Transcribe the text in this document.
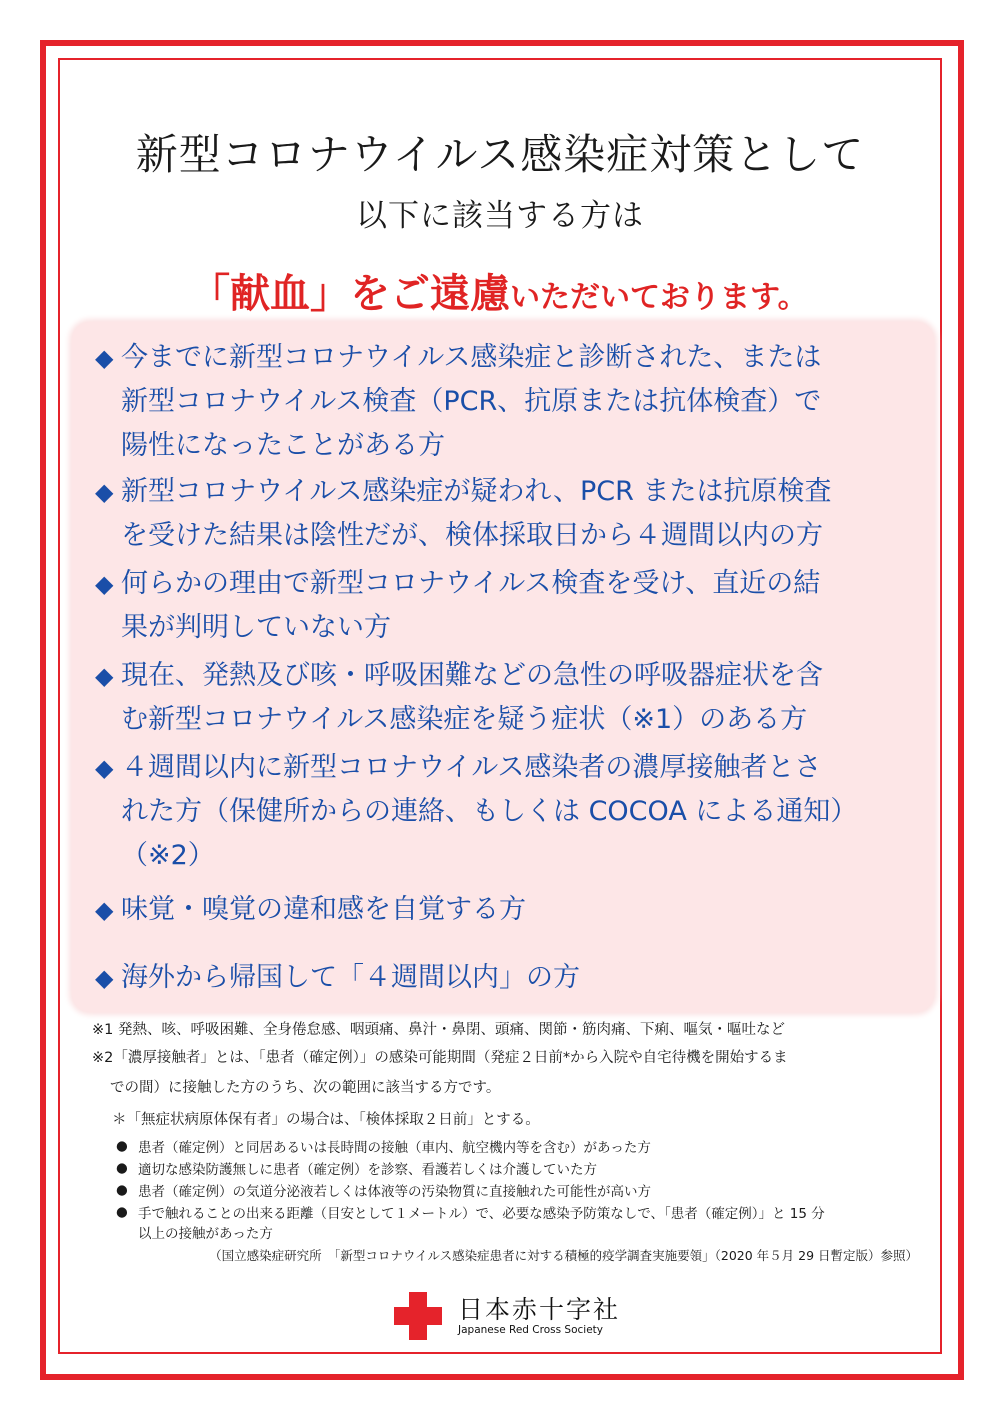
新型コロナウイルス感染症対策として
以下に該当する方は
「献血」をご遠慮いただいております。
◆ 今までに新型コロナウイルス感染症と診断された、または
新型コロナウイルス検査（PCR、抗原または抗体検査）で
陽性になったことがある方
◆ 新型コロナウイルス感染症が疑われ、PCR または抗原検査
を受けた結果は陰性だが、検体採取日から４週間以内の方
◆ 何らかの理由で新型コロナウイルス検査を受け、直近の結
果が判明していない方
◆ 現在、発熱及び咳・呼吸困難などの急性の呼吸器症状を含
む新型コロナウイルス感染症を疑う症状（※1）のある方
◆ ４週間以内に新型コロナウイルス感染者の濃厚接触者とさ
れた方（保健所からの連絡、もしくは COCOA による通知）
（※2）
◆ 味覚・嗅覚の違和感を自覚する方
◆ 海外から帰国して「４週間以内」の方
※1 発熱、咳、呼吸困難、全身倦怠感、咽頭痛、鼻汁・鼻閉、頭痛、関節・筋肉痛、下痢、嘔気・嘔吐など
※2「濃厚接触者」とは、「患者（確定例）」の感染可能期間（発症２日前*から入院や自宅待機を開始するま
での間）に接触した方のうち、次の範囲に該当する方です。
＊「無症状病原体保有者」の場合は、「検体採取２日前」とする。
● 患者（確定例）と同居あるいは長時間の接触（車内、航空機内等を含む）があった方
● 適切な感染防護無しに患者（確定例）を診察、看護若しくは介護していた方
● 患者（確定例）の気道分泌液若しくは体液等の汚染物質に直接触れた可能性が高い方
● 手で触れることの出来る距離（目安として１メートル）で、必要な感染予防策なしで、「患者（確定例）」と 15 分
以上の接触があった方
（国立感染症研究所　「新型コロナウイルス感染症患者に対する積極的疫学調査実施要領」（2020 年５月 29 日暫定版）参照）
日本赤十字社
Japanese Red Cross Society
